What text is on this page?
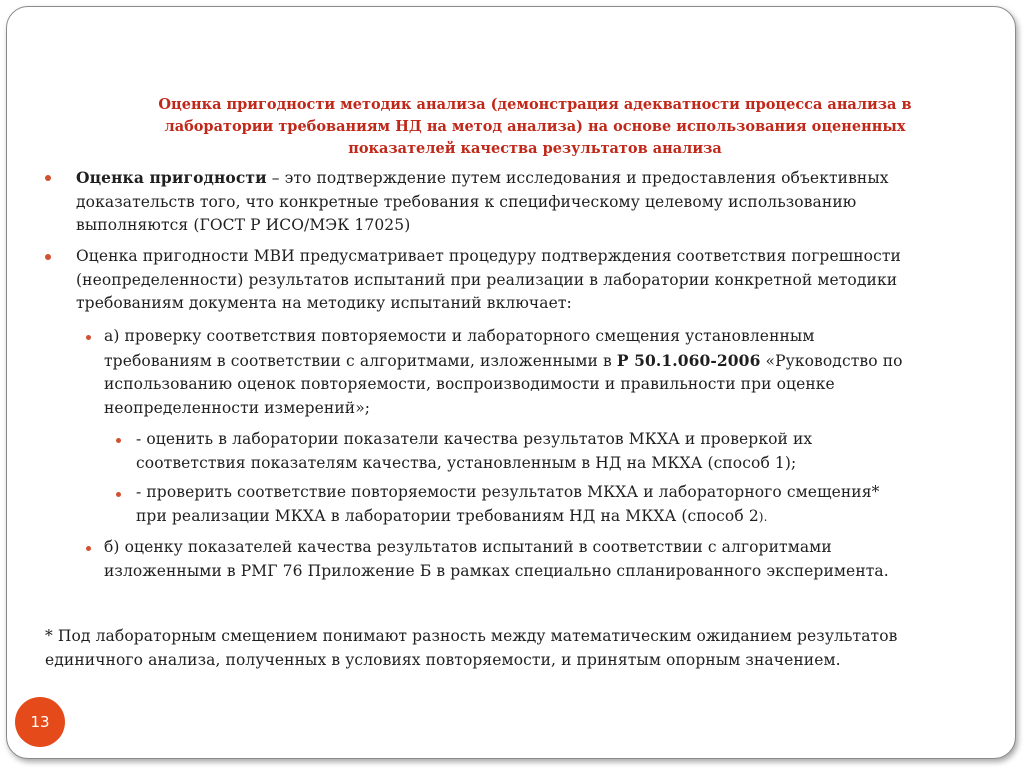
Оценка пригодности методик анализа (демонстрация адекватности процесса анализа в
лаборатории требованиям НД на метод анализа) на основе использования оцененных
показателей качества результатов анализа
Оценка пригодности – это подтверждение путем исследования и предоставления объективных
доказательств того, что конкретные требования к специфическому целевому использованию
выполняются (ГОСТ Р ИСО/МЭК 17025)
Оценка пригодности МВИ предусматривает процедуру подтверждения соответствия погрешности
(неопределенности) результатов испытаний при реализации в лаборатории конкретной методики
требованиям документа на методику испытаний включает:
а) проверку соответствия повторяемости и лабораторного смещения установленным
требованиям в соответствии с алгоритмами, изложенными в Р 50.1.060-2006 «Руководство по
использованию оценок повторяемости, воспроизводимости и правильности при оценке
неопределенности измерений»;
- оценить в лаборатории показатели качества результатов МКХА и проверкой их
соответствия показателям качества, установленным в НД на МКХА (способ 1);
- проверить соответствие повторяемости результатов МКХА и лабораторного смещения*
при реализации МКХА в лаборатории требованиям НД на МКХА (способ 2).
б) оценку показателей качества результатов испытаний в соответствии с алгоритмами
изложенными в РМГ 76 Приложение Б в рамках специально спланированного эксперимента.
* Под лабораторным смещением понимают разность между математическим ожиданием результатов
единичного анализа, полученных в условиях повторяемости, и принятым опорным значением.
13
